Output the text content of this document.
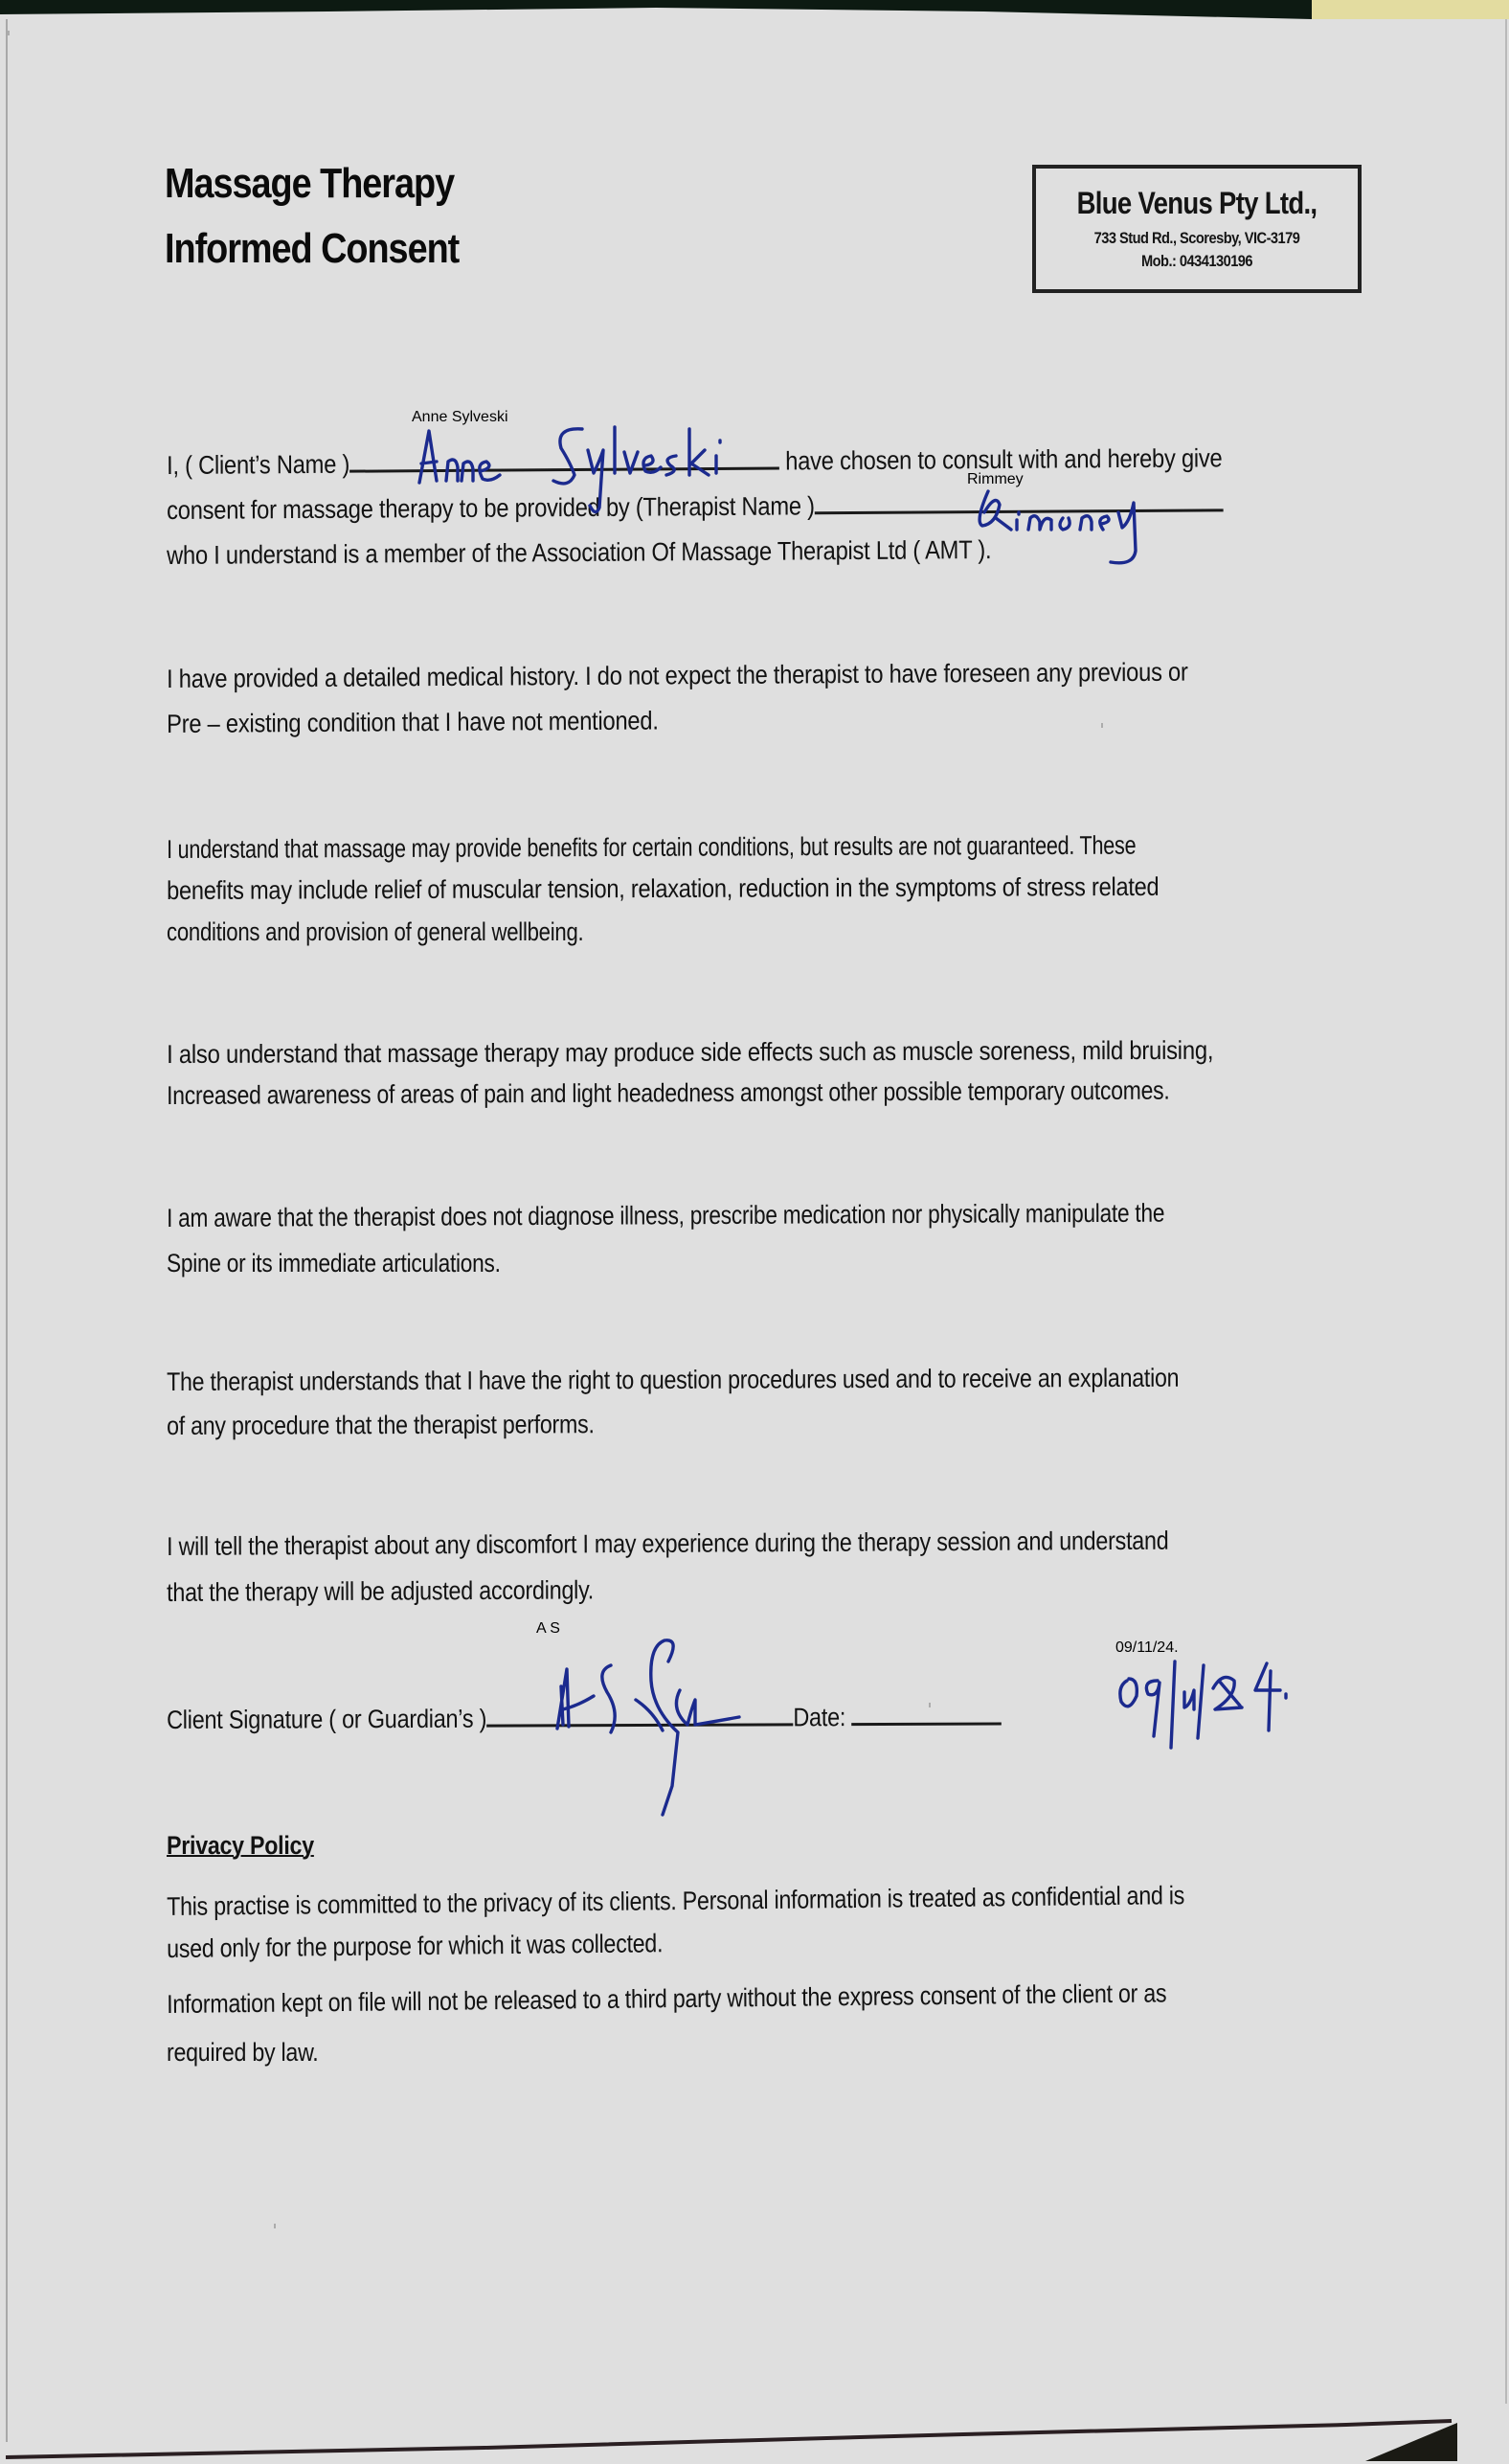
Massage Therapy
Informed Consent
Blue Venus Pty Ltd.,
733 Stud Rd., Scoresby, VIC-3179
Mob.: 0434130196
I, ( Client’s Name )	have chosen to consult with and hereby give
consent for massage therapy to be provided by (Therapist Name )
who I understand is a member of the Association Of Massage Therapist Ltd ( AMT ).
Anne Sylveski
Rimmey
I have provided a detailed medical history. I do not expect the therapist to have foreseen any previous or
Pre – existing condition that I have not mentioned.
I understand that massage may provide benefits for certain conditions, but results are not guaranteed. These
benefits may include relief of muscular tension, relaxation, reduction in the symptoms of stress related
conditions and provision of general wellbeing.
I also understand that massage therapy may produce side effects such as muscle soreness, mild bruising,
Increased awareness of areas of pain and light headedness amongst other possible temporary outcomes.
I am aware that the therapist does not diagnose illness, prescribe medication nor physically manipulate the
Spine or its immediate articulations.
The therapist understands that I have the right to question procedures used and to receive an explanation
of any procedure that the therapist performs.
I will tell the therapist about any discomfort I may experience during the therapy session and understand
that the therapy will be adjusted accordingly.
Client Signature ( or Guardian’s )	Date:
A S
09/11/24.
Privacy Policy
This practise is committed to the privacy of its clients. Personal information is treated as confidential and is
used only for the purpose for which it was collected.
Information kept on file will not be released to a third party without the express consent of the client or as
required by law.
